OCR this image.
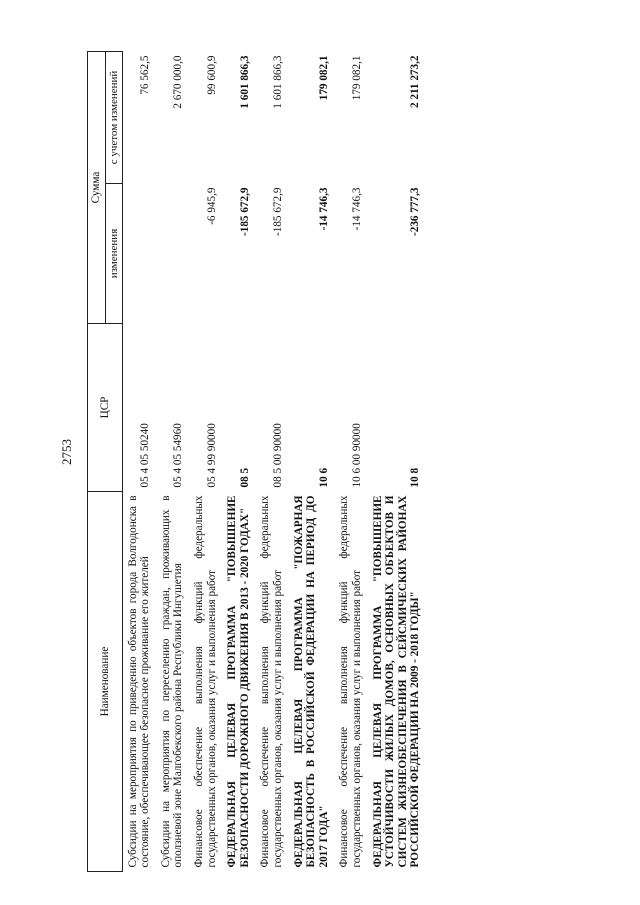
2753
Наименование	ЦСР	Сумма	
		изменения	с учетом изменений
Субсидии на мероприятия по приведению объектов города Волгодонска в состояние, обеспечивающее безопасное проживание его жителей	05 4 05 50240		76 562,5
Субсидии на мероприятия по переселению граждан, проживающих в оползневой зоне Малгобекского района Республики Ингушетия	05 4 05 54960		2 670 000,0
Финансовое обеспечение выполнения функций федеральных государственных органов, оказания услуг и выполнения работ	05 4 99 90000	-6 945,9	99 600,9
ФЕДЕРАЛЬНАЯ ЦЕЛЕВАЯ ПРОГРАММА "ПОВЫШЕНИЕ БЕЗОПАСНОСТИ ДОРОЖНОГО ДВИЖЕНИЯ В 2013 - 2020 ГОДАХ"	08 5	-185 672,9	1 601 866,3
Финансовое обеспечение выполнения функций федеральных государственных органов, оказания услуг и выполнения работ	08 5 00 90000	-185 672,9	1 601 866,3
ФЕДЕРАЛЬНАЯ ЦЕЛЕВАЯ ПРОГРАММА "ПОЖАРНАЯ БЕЗОПАСНОСТЬ В РОССИЙСКОЙ ФЕДЕРАЦИИ НА ПЕРИОД ДО 2017 ГОДА"	10 6	-14 746,3	179 082,1
Финансовое обеспечение выполнения функций федеральных государственных органов, оказания услуг и выполнения работ	10 6 00 90000	-14 746,3	179 082,1
ФЕДЕРАЛЬНАЯ ЦЕЛЕВАЯ ПРОГРАММА "ПОВЫШЕНИЕ УСТОЙЧИВОСТИ ЖИЛЫХ ДОМОВ, ОСНОВНЫХ ОБЪЕКТОВ И СИСТЕМ ЖИЗНЕОБЕСПЕЧЕНИЯ В СЕЙСМИЧЕСКИХ РАЙОНАХ РОССИЙСКОЙ ФЕДЕРАЦИИ НА 2009 - 2018 ГОДЫ"	10 8	-236 777,3	2 211 273,2
